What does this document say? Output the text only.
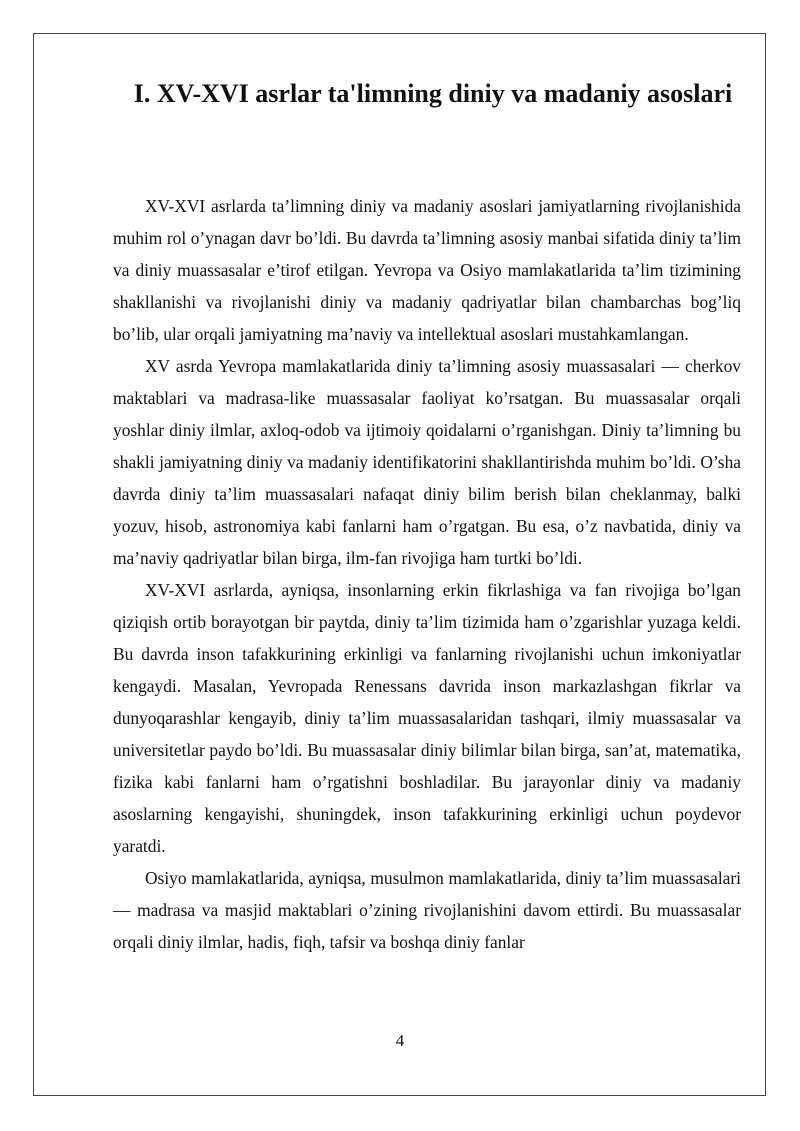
I. XV-XVI asrlar ta'limning diniy va madaniy asoslari

XV-XVI asrlarda ta’limning diniy va madaniy asoslari jamiyatlarning rivojlanishida muhim rol o’ynagan davr bo’ldi. Bu davrda ta’limning asosiy manbai sifatida diniy ta’lim va diniy muassasalar e’tirof etilgan. Yevropa va Osiyo mamlakatlarida ta’lim tizimining shakllanishi va rivojlanishi diniy va madaniy qadriyatlar bilan chambarchas bog’liq bo’lib, ular orqali jamiyatning ma’naviy va intellektual asoslari mustahkamlangan.

XV asrda Yevropa mamlakatlarida diniy ta’limning asosiy muassasalari — cherkov maktablari va madrasa-like muassasalar faoliyat ko’rsatgan. Bu muassasalar orqali yoshlar diniy ilmlar, axloq-odob va ijtimoiy qoidalarni o’rganishgan. Diniy ta’limning bu shakli jamiyatning diniy va madaniy identifikatorini shakllantirishda muhim bo’ldi. O’sha davrda diniy ta’lim muassasalari nafaqat diniy bilim berish bilan cheklanmay, balki yozuv, hisob, astronomiya kabi fanlarni ham o’rgatgan. Bu esa, o’z navbatida, diniy va ma’naviy qadriyatlar bilan birga, ilm-fan rivojiga ham turtki bo’ldi.

XV-XVI asrlarda, ayniqsa, insonlarning erkin fikrlashiga va fan rivojiga bo’lgan qiziqish ortib borayotgan bir paytda, diniy ta’lim tizimida ham o’zgarishlar yuzaga keldi. Bu davrda inson tafakkurining erkinligi va fanlarning rivojlanishi uchun imkoniyatlar kengaydi. Masalan, Yevropada Renessans davrida inson markazlashgan fikrlar va dunyoqarashlar kengayib, diniy ta’lim muassasalaridan tashqari, ilmiy muassasalar va universitetlar paydo bo’ldi. Bu muassasalar diniy bilimlar bilan birga, san’at, matematika, fizika kabi fanlarni ham o’rgatishni boshladilar. Bu jarayonlar diniy va madaniy asoslarning kengayishi, shuningdek, inson tafakkurining erkinligi uchun poydevor yaratdi.

Osiyo mamlakatlarida, ayniqsa, musulmon mamlakatlarida, diniy ta’lim muassasalari — madrasa va masjid maktablari o’zining rivojlanishini davom ettirdi. Bu muassasalar orqali diniy ilmlar, hadis, fiqh, tafsir va boshqa diniy fanlar

4
